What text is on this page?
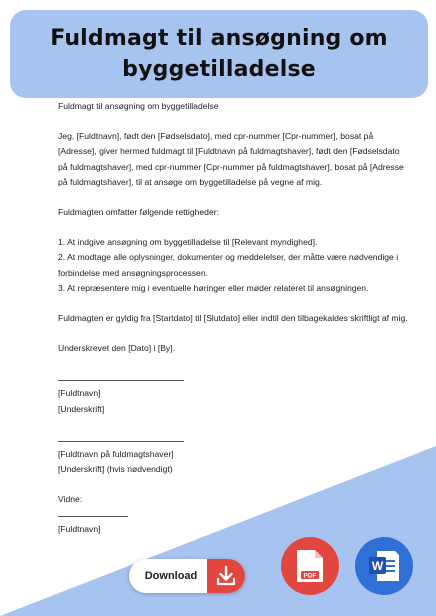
Fuldmagt til ansøgning om byggetilladelse

Fuldmagt til ansøgning om byggetilladelse

Jeg, [Fuldtnavn], født den [Fødselsdato], med cpr-nummer [Cpr-nummer], bosat på [Adresse], giver hermed fuldmagt til [Fuldtnavn på fuldmagtshaver], født den [Fødselsdato på fuldmagtshaver], med cpr-nummer [Cpr-nummer på fuldmagtshaver], bosat på [Adresse på fuldmagtshaver], til at ansøge om byggetilladelse på vegne af mig.

Fuldmagten omfatter følgende rettigheder:

1. At indgive ansøgning om byggetilladelse til [Relevant myndighed].

2. At modtage alle oplysninger, dokumenter og meddelelser, der måtte være nødvendige i forbindelse med ansøgningsprocessen.

3. At repræsentere mig i eventuelle høringer eller møder relateret til ansøgningen.

Fuldmagten er gyldig fra [Startdato] til [Slutdato] eller indtil den tilbagekaldes skriftligt af mig.

Underskrevet den [Dato] i [By].

[Fuldtnavn]

[Underskrift]

[Fuldtnavn på fuldmagtshaver]

[Underskrift] (hvis nødvendigt)

Vidne:

[Fuldtnavn]

Download	PDF
W
